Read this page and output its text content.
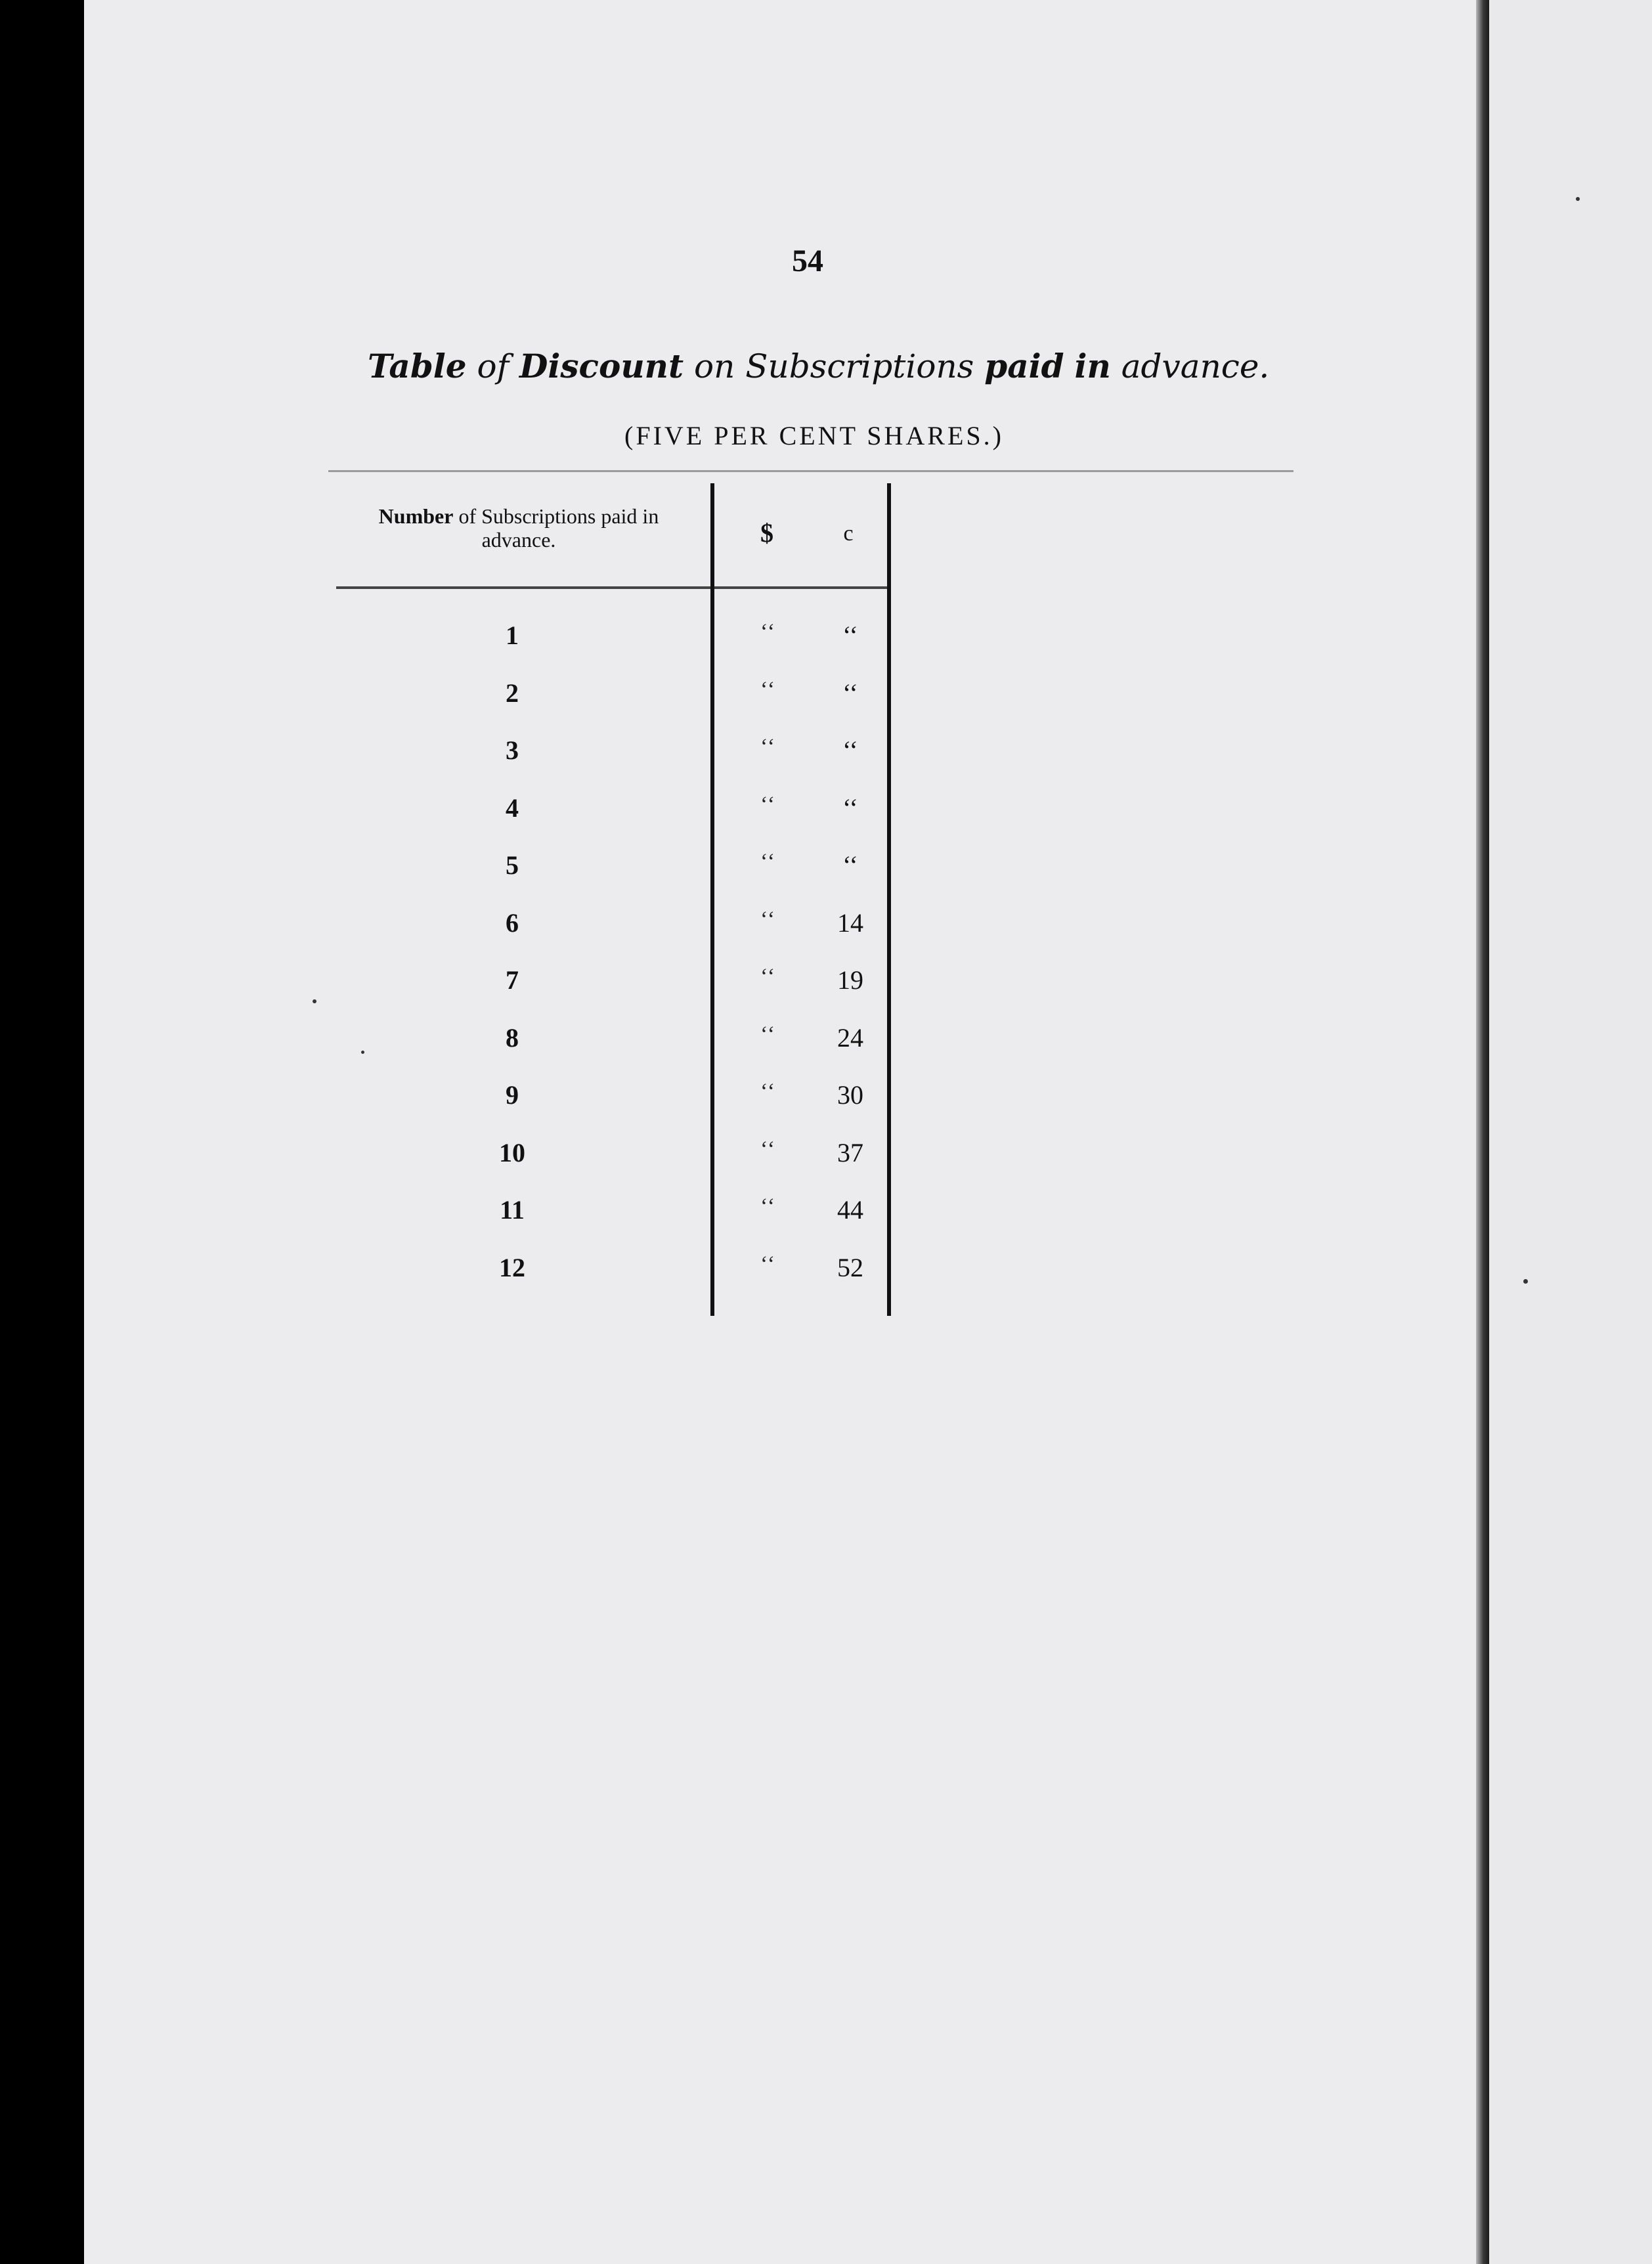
54
Table of Discount on Subscriptions paid in advance.
(FIVE PER CENT SHARES.)
Number of Subscriptions paid in
advance.	$	c
1	‘‘	‘‘
2	‘‘	‘‘
3	‘‘	‘‘
4	‘‘	‘‘
5	‘‘	‘‘
6	‘‘	14
7	‘‘	19
8	‘‘	24
9	‘‘	30
10	‘‘	37
11	‘‘	44
12	‘‘	52
